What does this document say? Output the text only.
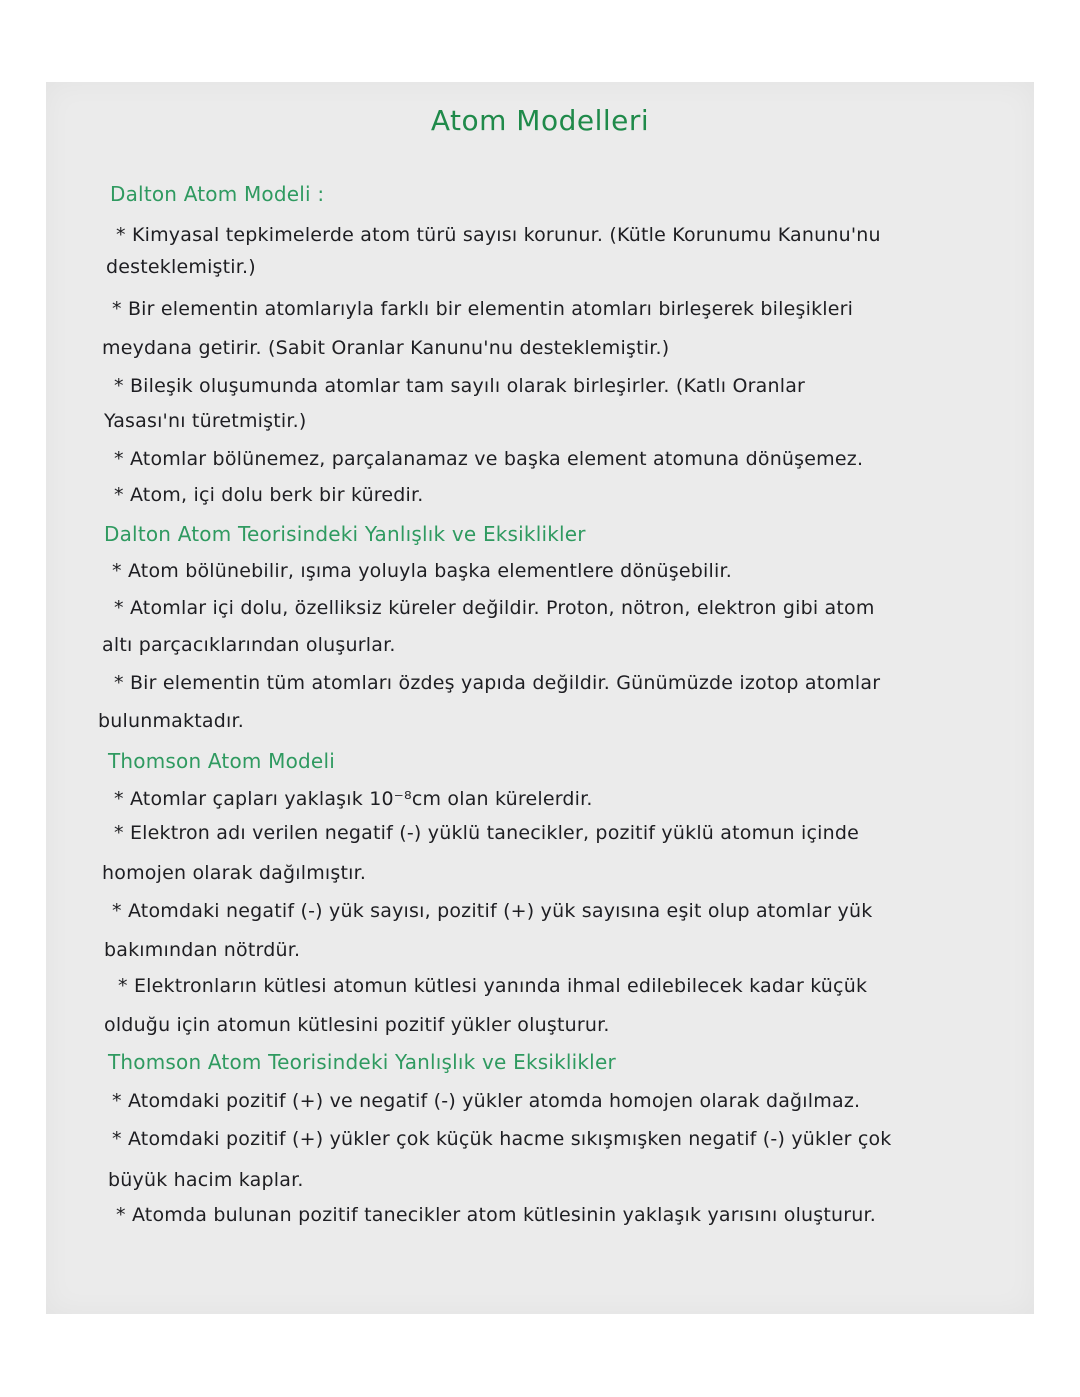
Atom Modelleri
Dalton Atom Modeli :
* Kimyasal tepkimelerde atom türü sayısı korunur. (Kütle Korunumu Kanunu'nu
desteklemiştir.)
* Bir elementin atomlarıyla farklı bir elementin atomları birleşerek bileşikleri
meydana getirir. (Sabit Oranlar Kanunu'nu desteklemiştir.)
* Bileşik oluşumunda atomlar tam sayılı olarak birleşirler. (Katlı Oranlar
Yasası'nı türetmiştir.)
* Atomlar bölünemez, parçalanamaz ve başka element atomuna dönüşemez.
* Atom, içi dolu berk bir küredir.
Dalton Atom Teorisindeki Yanlışlık ve Eksiklikler
* Atom bölünebilir, ışıma yoluyla başka elementlere dönüşebilir.
* Atomlar içi dolu, özelliksiz küreler değildir. Proton, nötron, elektron gibi atom
altı parçacıklarından oluşurlar.
* Bir elementin tüm atomları özdeş yapıda değildir. Günümüzde izotop atomlar
bulunmaktadır.
Thomson Atom Modeli
* Atomlar çapları yaklaşık 10⁻⁸cm olan kürelerdir.
* Elektron adı verilen negatif (-) yüklü tanecikler, pozitif yüklü atomun içinde
homojen olarak dağılmıştır.
* Atomdaki negatif (-) yük sayısı, pozitif (+) yük sayısına eşit olup atomlar yük
bakımından nötrdür.
* Elektronların kütlesi atomun kütlesi yanında ihmal edilebilecek kadar küçük
olduğu için atomun kütlesini pozitif yükler oluşturur.
Thomson Atom Teorisindeki Yanlışlık ve Eksiklikler
* Atomdaki pozitif (+) ve negatif (-) yükler atomda homojen olarak dağılmaz.
* Atomdaki pozitif (+) yükler çok küçük hacme sıkışmışken negatif (-) yükler çok
büyük hacim kaplar.
* Atomda bulunan pozitif tanecikler atom kütlesinin yaklaşık yarısını oluşturur.
